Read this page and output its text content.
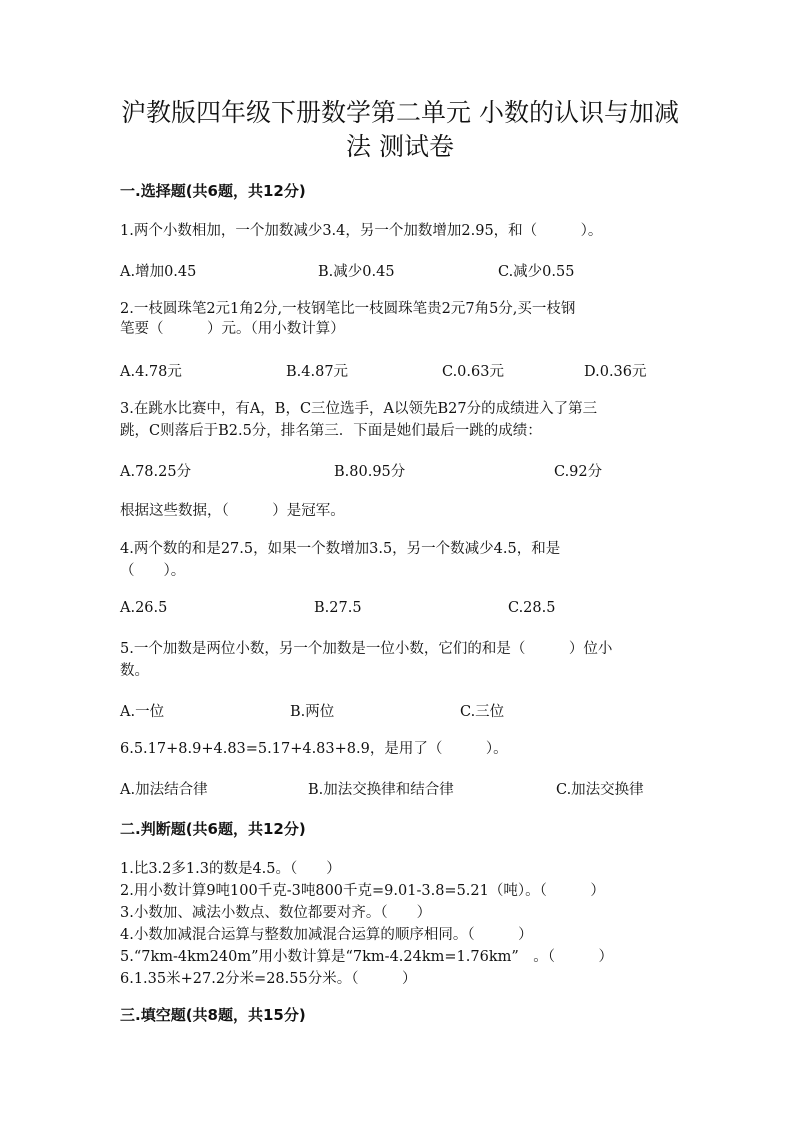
沪教版四年级下册数学第二单元 小数的认识与加减
法 测试卷
一.选择题(共6题，共12分)
1.两个小数相加，一个加数减少3.4，另一个加数增加2.95，和（　　　）。
A.增加0.45	B.减少0.45	C.减少0.55
2.一枝圆珠笔2元1角2分,一枝钢笔比一枝圆珠笔贵2元7角5分,买一枝钢
笔要（　　　）元。（用小数计算）
A.4.78元	B.4.87元	C.0.63元	D.0.36元
3.在跳水比赛中，有A，B，C三位选手，A以领先B27分的成绩进入了第三
跳，C则落后于B2.5分，排名第三．下面是她们最后一跳的成绩：
A.78.25分	B.80.95分	C.92分
根据这些数据，（　　　）是冠军。
4.两个数的和是27.5，如果一个数增加3.5，另一个数减少4.5，和是
（　　）。
A.26.5	B.27.5	C.28.5
5.一个加数是两位小数，另一个加数是一位小数，它们的和是（　　　）位小
数。
A.一位	B.两位	C.三位
6.5.17+8.9+4.83=5.17+4.83+8.9，是用了（　　　）。
A.加法结合律	B.加法交换律和结合律	C.加法交换律
二.判断题(共6题，共12分)
1.比3.2多1.3的数是4.5。（　　）
2.用小数计算9吨100千克-3吨800千克=9.01-3.8=5.21（吨）。（　　　）
3.小数加、减法小数点、数位都要对齐。（　　）
4.小数加减混合运算与整数加减混合运算的顺序相同。（　　　）
5.“7km-4km240m”用小数计算是“7km-4.24km=1.76km”　。（　　　）
6.1.35米+27.2分米=28.55分米。（　　　）
三.填空题(共8题，共15分)
